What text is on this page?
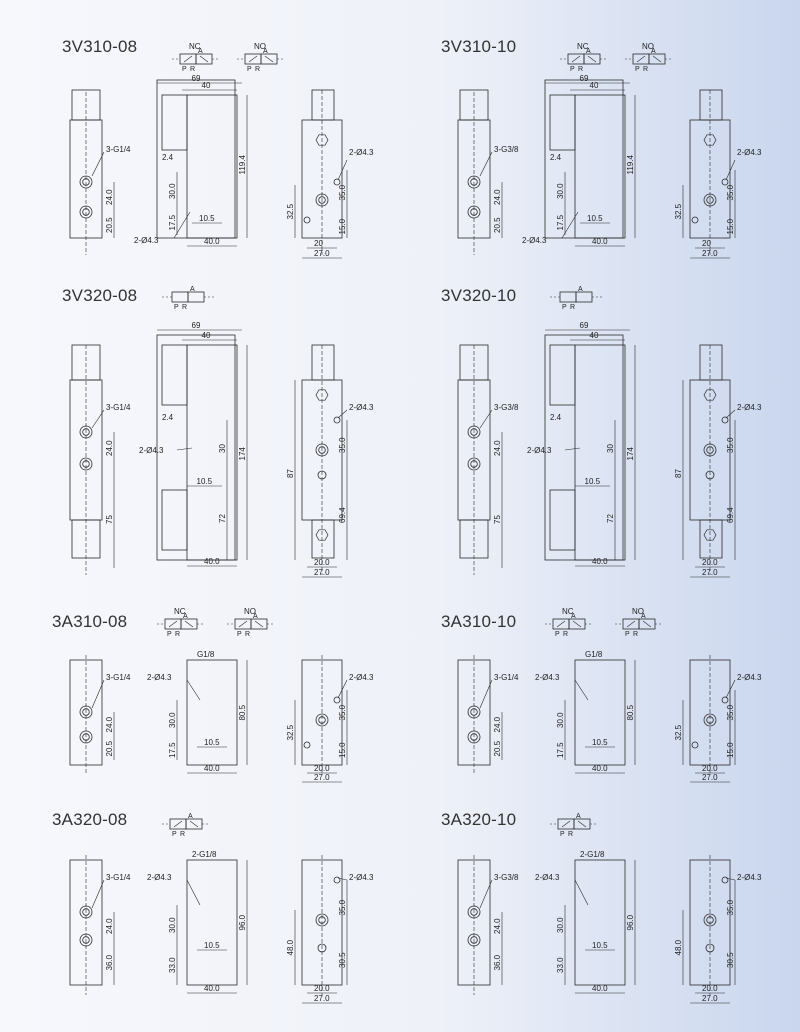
3V310-08	3V310-10
3V320-08	3V320-10
3A310-08	3A310-10
3A320-08	3A320-10
NC
A
P R
NO
A
P R
3-G1/4
24.0
20.5
69
40
119.4
2.4
30.0
17.5	10.5
2-Ø4.3	40.0
2-Ø4.3
32.5
35.0
15.0
20
27.0
NC
A
P R
NO
A
P R
3-G3/8
24.0
20.5
69
40
119.4
2.4
30.0
17.5	10.5
2-Ø4.3	40.0
2-Ø4.3
32.5
35.0
15.0
20
27.0
A
P R
3-G1/4
24.0
75
69
40
174
30
72
2.4
2-Ø4.3
10.5
40.0
2-Ø4.3
87
35.0
69.4
20.0
27.0
A
P R
3-G3/8
24.0
75
69
40
174
30
72
2.4
2-Ø4.3
10.5
40.0
2-Ø4.3
87
35.0
69.4
20.0
27.0
NC
A
P R
NO
A
P R
3-G1/4
24.0
20.5
G1/8
80.5
2-Ø4.3
30.0
17.5	10.5
40.0
2-Ø4.3
32.5
35.0
15.0
20.0
27.0
NC
A
P R
NO
A
P R
3-G1/4
24.0
20.5
G1/8
80.5
2-Ø4.3
30.0
17.5	10.5
40.0
2-Ø4.3
32.5
35.0
15.0
20.0
27.0
A
P R
3-G1/4
24.0
36.0
2-G1/8
96.0
2-Ø4.3
30.0
33.0
10.5
40.0
2-Ø4.3
48.0
35.0
30.5
20.0
27.0
A
P R
3-G3/8
24.0
36.0
2-G1/8
96.0
2-Ø4.3
30.0
33.0
10.5
40.0
2-Ø4.3
48.0
35.0
30.5
20.0
27.0
